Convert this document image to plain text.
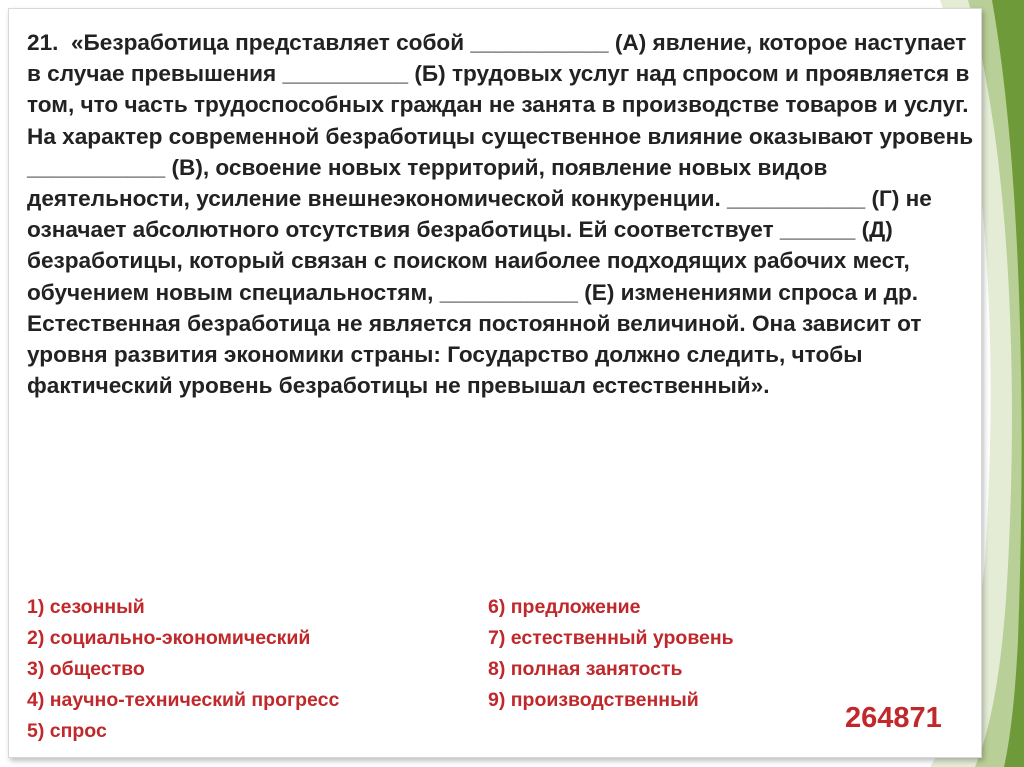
21. «Безработица представляет собой ___________ (А) явление, которое наступает в случае превышения __________ (Б) трудовых услуг над спросом и проявляется в том, что часть трудоспособных граждан не занята в производстве товаров и услуг. На характер современной безработицы существенное влияние оказывают уровень ___________ (В), освоение новых территорий, появление новых видов деятельности, усиление внешнеэкономической конкуренции. ___________ (Г) не означает абсолютного отсутствия безработицы. Ей соответствует ______ (Д) безработицы, который связан с поиском наиболее подходящих рабочих мест, обучением новым специальностям, ___________ (Е) изменениями спроса и др. Естественная безработица не является постоянной величиной. Она зависит от уровня развития экономики страны: Государство должно следить, чтобы фактический уровень безработицы не превышал естественный».

1) сезонный
2) социально-экономический
3) общество
4) научно-технический прогресс
5) спрос
6) предложение
7) естественный уровень
8) полная занятость
9) производственный
264871
